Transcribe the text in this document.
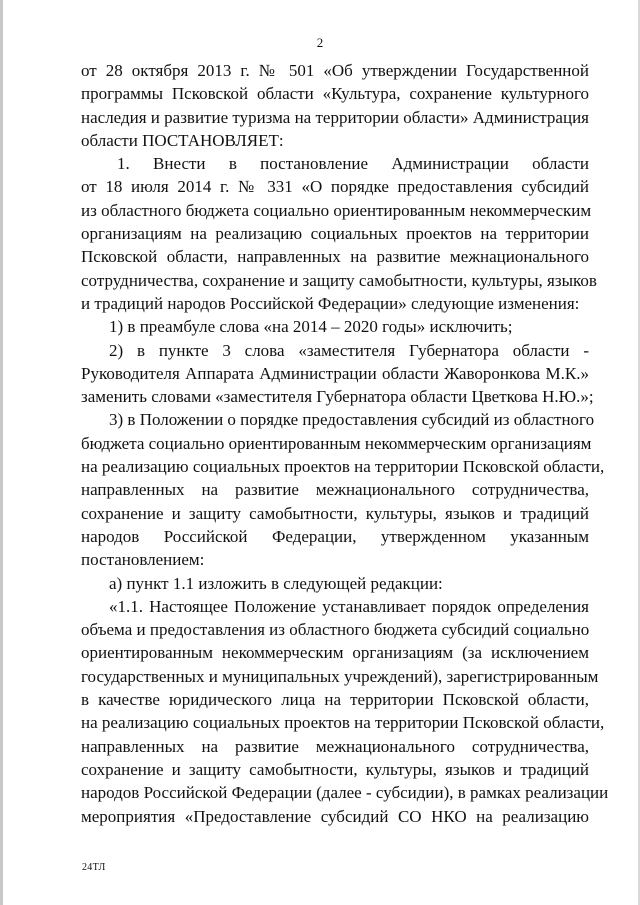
2
от 28 октября 2013 г. № 501 «Об утверждении Государственной
программы Псковской области «Культура, сохранение культурного
наследия и развитие туризма на территории области» Администрация
области ПОСТАНОВЛЯЕТ:
1. Внести в постановление Администрации области
от 18 июля 2014 г. № 331 «О порядке предоставления субсидий
из областного бюджета социально ориентированным некоммерческим
организациям на реализацию социальных проектов на территории
Псковской области, направленных на развитие межнационального
сотрудничества, сохранение и защиту самобытности, культуры, языков
и традиций народов Российской Федерации» следующие изменения:
1) в преамбуле слова «на 2014 – 2020 годы» исключить;
2) в пункте 3 слова «заместителя Губернатора области -
Руководителя Аппарата Администрации области Жаворонкова М.К.»
заменить словами «заместителя Губернатора области Цветкова Н.Ю.»;
3) в Положении о порядке предоставления субсидий из областного
бюджета социально ориентированным некоммерческим организациям
на реализацию социальных проектов на территории Псковской области,
направленных на развитие межнационального сотрудничества,
сохранение и защиту самобытности, культуры, языков и традиций
народов Российской Федерации, утвержденном указанным
постановлением:
а) пункт 1.1 изложить в следующей редакции:
«1.1. Настоящее Положение устанавливает порядок определения
объема и предоставления из областного бюджета субсидий социально
ориентированным некоммерческим организациям (за исключением
государственных и муниципальных учреждений), зарегистрированным
в качестве юридического лица на территории Псковской области,
на реализацию социальных проектов на территории Псковской области,
направленных на развитие межнационального сотрудничества,
сохранение и защиту самобытности, культуры, языков и традиций
народов Российской Федерации (далее - субсидии), в рамках реализации
мероприятия «Предоставление субсидий СО НКО на реализацию
24ТЛ
